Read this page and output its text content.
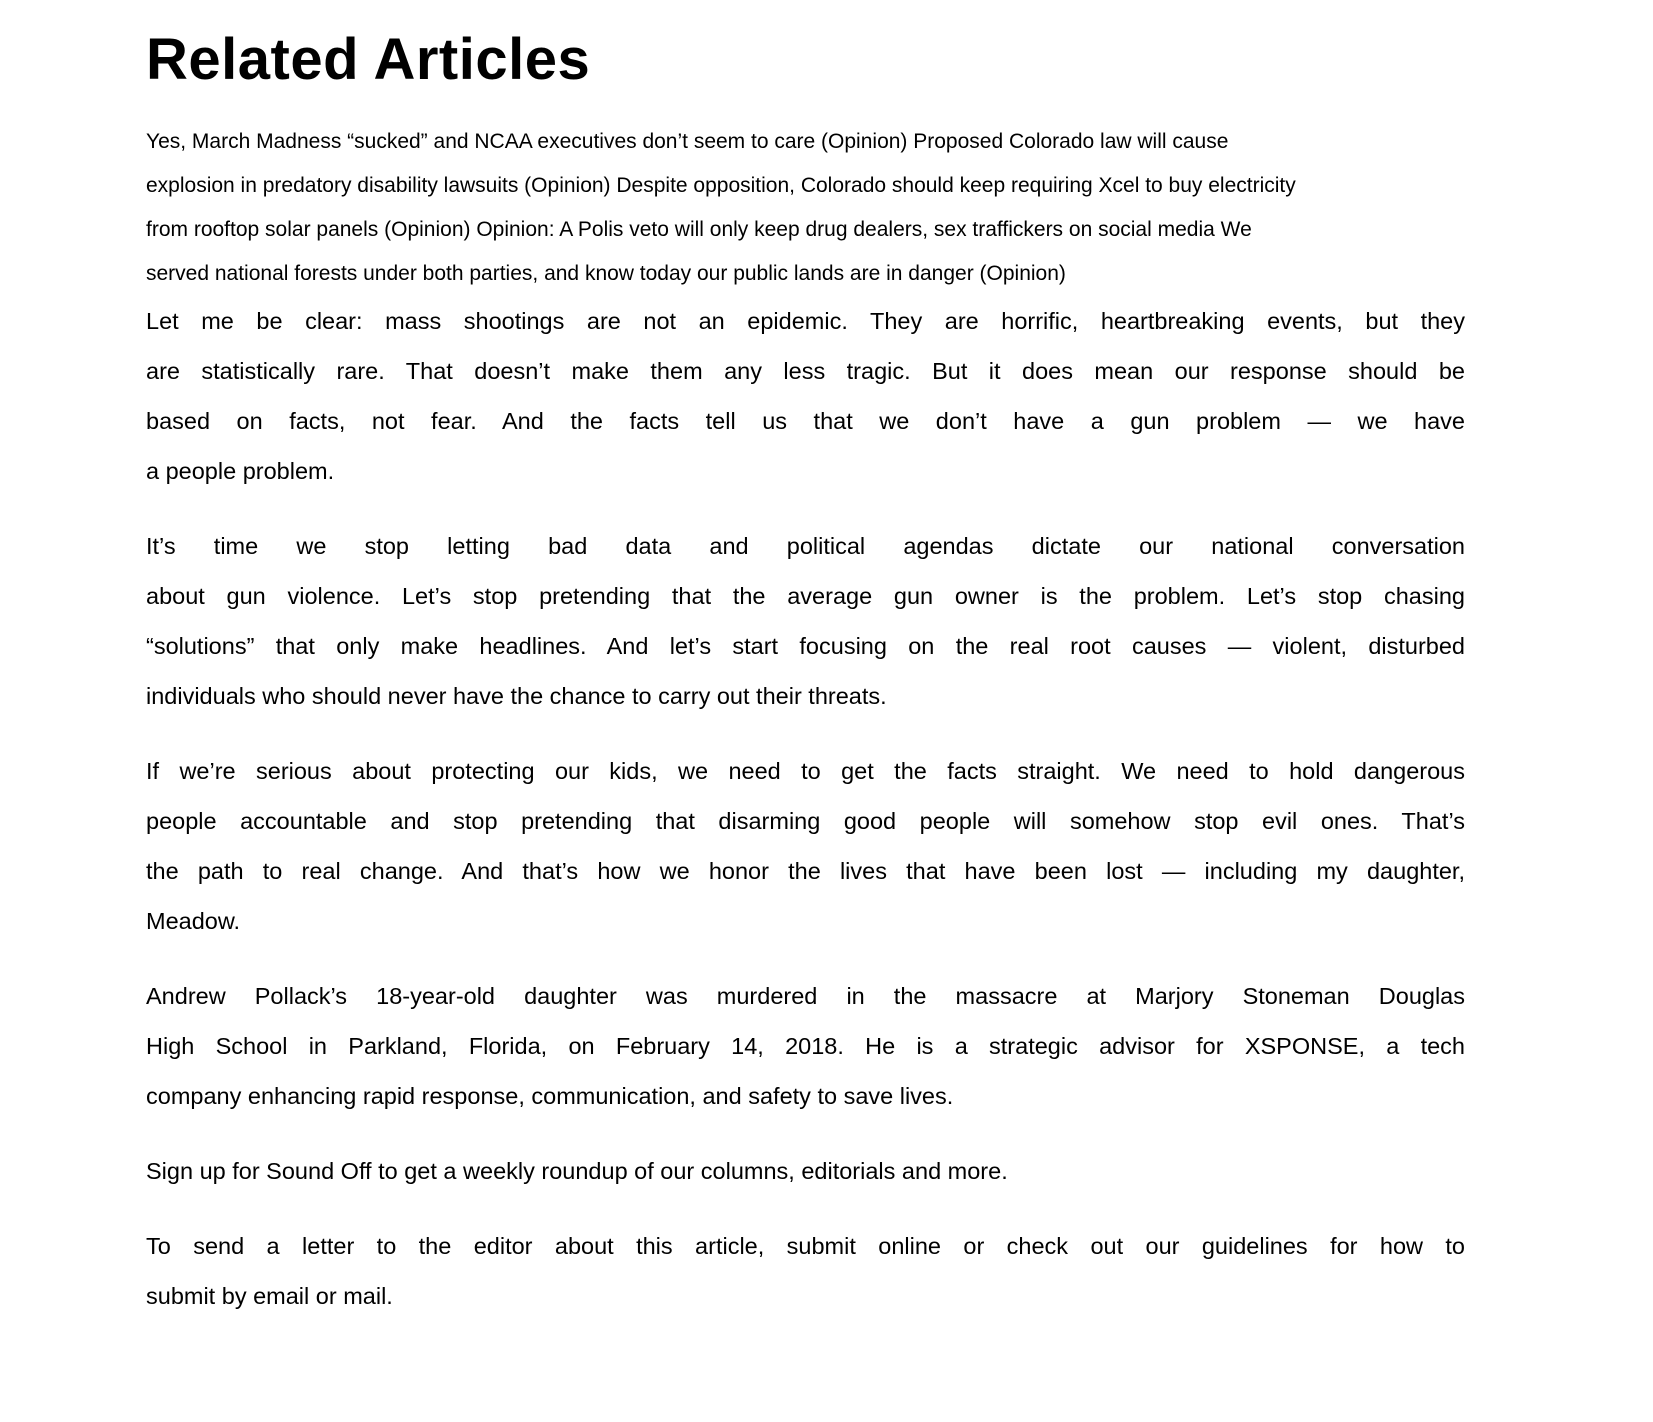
Related Articles
Yes, March Madness “sucked” and NCAA executives don’t seem to care (Opinion) Proposed Colorado law will cause
explosion in predatory disability lawsuits (Opinion) Despite opposition, Colorado should keep requiring Xcel to buy electricity
from rooftop solar panels (Opinion) Opinion: A Polis veto will only keep drug dealers, sex traffickers on social media We
served national forests under both parties, and know today our public lands are in danger (Opinion)

Let me be clear: mass shootings are not an epidemic. They are horrific, heartbreaking events, but they
are statistically rare. That doesn’t make them any less tragic. But it does mean our response should be
based on facts, not fear. And the facts tell us that we don’t have a gun problem — we have
a people problem.

It’s time we stop letting bad data and political agendas dictate our national conversation
about gun violence. Let’s stop pretending that the average gun owner is the problem. Let’s stop chasing
“solutions” that only make headlines. And let’s start focusing on the real root causes — violent, disturbed
individuals who should never have the chance to carry out their threats.

If we’re serious about protecting our kids, we need to get the facts straight. We need to hold dangerous
people accountable and stop pretending that disarming good people will somehow stop evil ones. That’s
the path to real change. And that’s how we honor the lives that have been lost — including my daughter,
Meadow.

Andrew Pollack’s 18-year-old daughter was murdered in the massacre at Marjory Stoneman Douglas
High School in Parkland, Florida, on February 14, 2018. He is a strategic advisor for XSPONSE, a tech
company enhancing rapid response, communication, and safety to save lives.

Sign up for Sound Off to get a weekly roundup of our columns, editorials and more.

To send a letter to the editor about this article, submit online or check out our guidelines for how to
submit by email or mail.
